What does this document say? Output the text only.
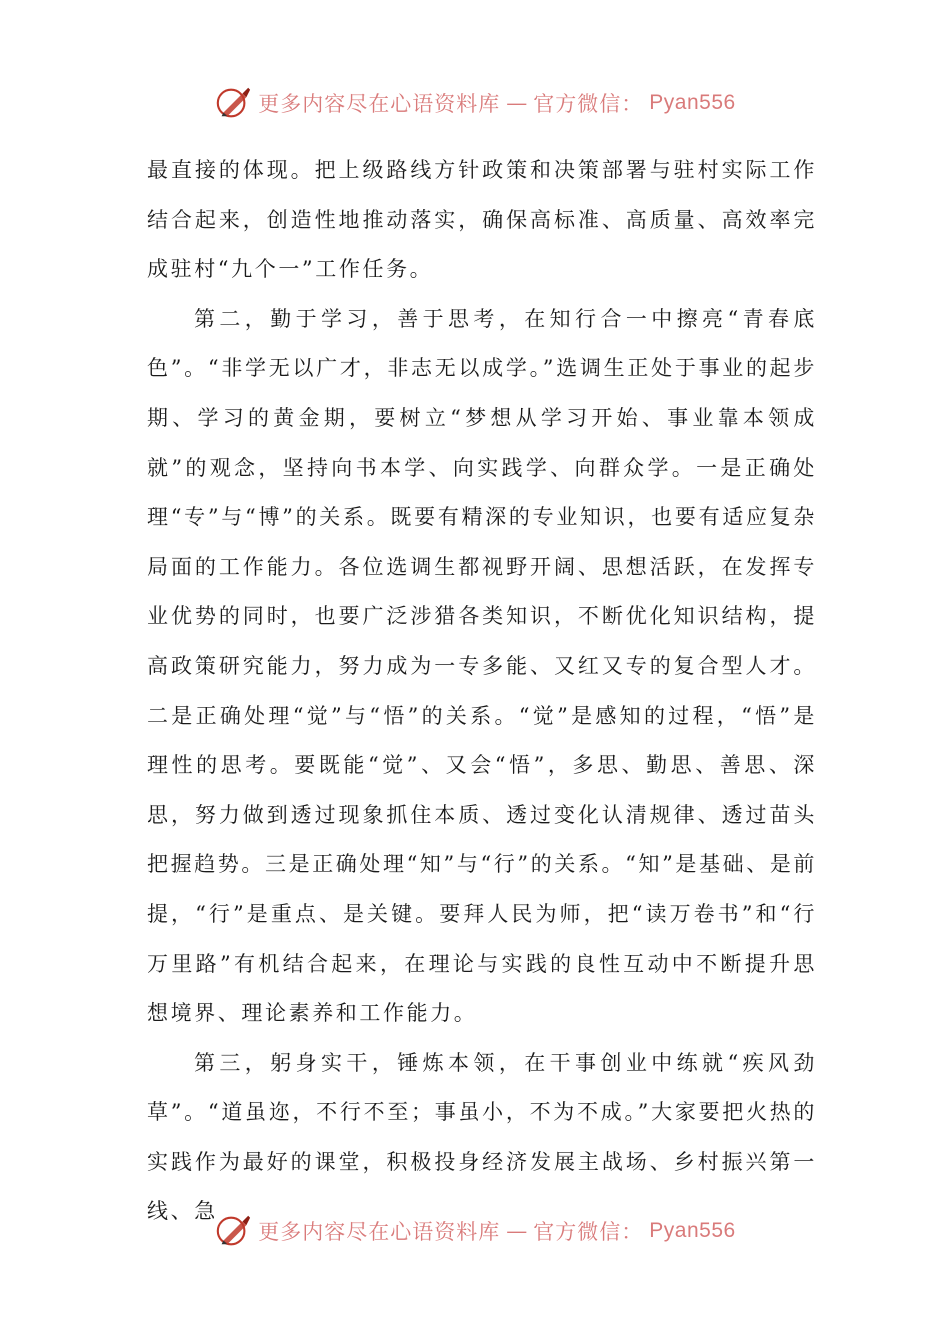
更多内容尽在心语资料库 — 官方微信： Pyan556

最直接的体现。把上级路线方针政策和决策部署与驻村实际工作结合起来，创造性地推动落实，确保高标准、高质量、高效率完成驻村“九个一”工作任务。

第二，勤于学习，善于思考，在知行合一中擦亮“青春底色”。“非学无以广才，非志无以成学。”选调生正处于事业的起步期、学习的黄金期，要树立“梦想从学习开始、事业靠本领成就”的观念，坚持向书本学、向实践学、向群众学。一是正确处理“专”与“博”的关系。既要有精深的专业知识，也要有适应复杂局面的工作能力。各位选调生都视野开阔、思想活跃，在发挥专业优势的同时，也要广泛涉猎各类知识，不断优化知识结构，提高政策研究能力，努力成为一专多能、又红又专的复合型人才。二是正确处理“觉”与“悟”的关系。“觉”是感知的过程，“悟”是理性的思考。要既能“觉”、又会“悟”，多思、勤思、善思、深思，努力做到透过现象抓住本质、透过变化认清规律、透过苗头把握趋势。三是正确处理“知”与“行”的关系。“知”是基础、是前提，“行”是重点、是关键。要拜人民为师，把“读万卷书”和“行万里路”有机结合起来，在理论与实践的良性互动中不断提升思想境界、理论素养和工作能力。

第三，躬身实干，锤炼本领，在干事创业中练就“疾风劲草”。“道虽迩，不行不至；事虽小，不为不成。”大家要把火热的实践作为最好的课堂，积极投身经济发展主战场、乡村振兴第一线、急

更多内容尽在心语资料库 — 官方微信： Pyan556
